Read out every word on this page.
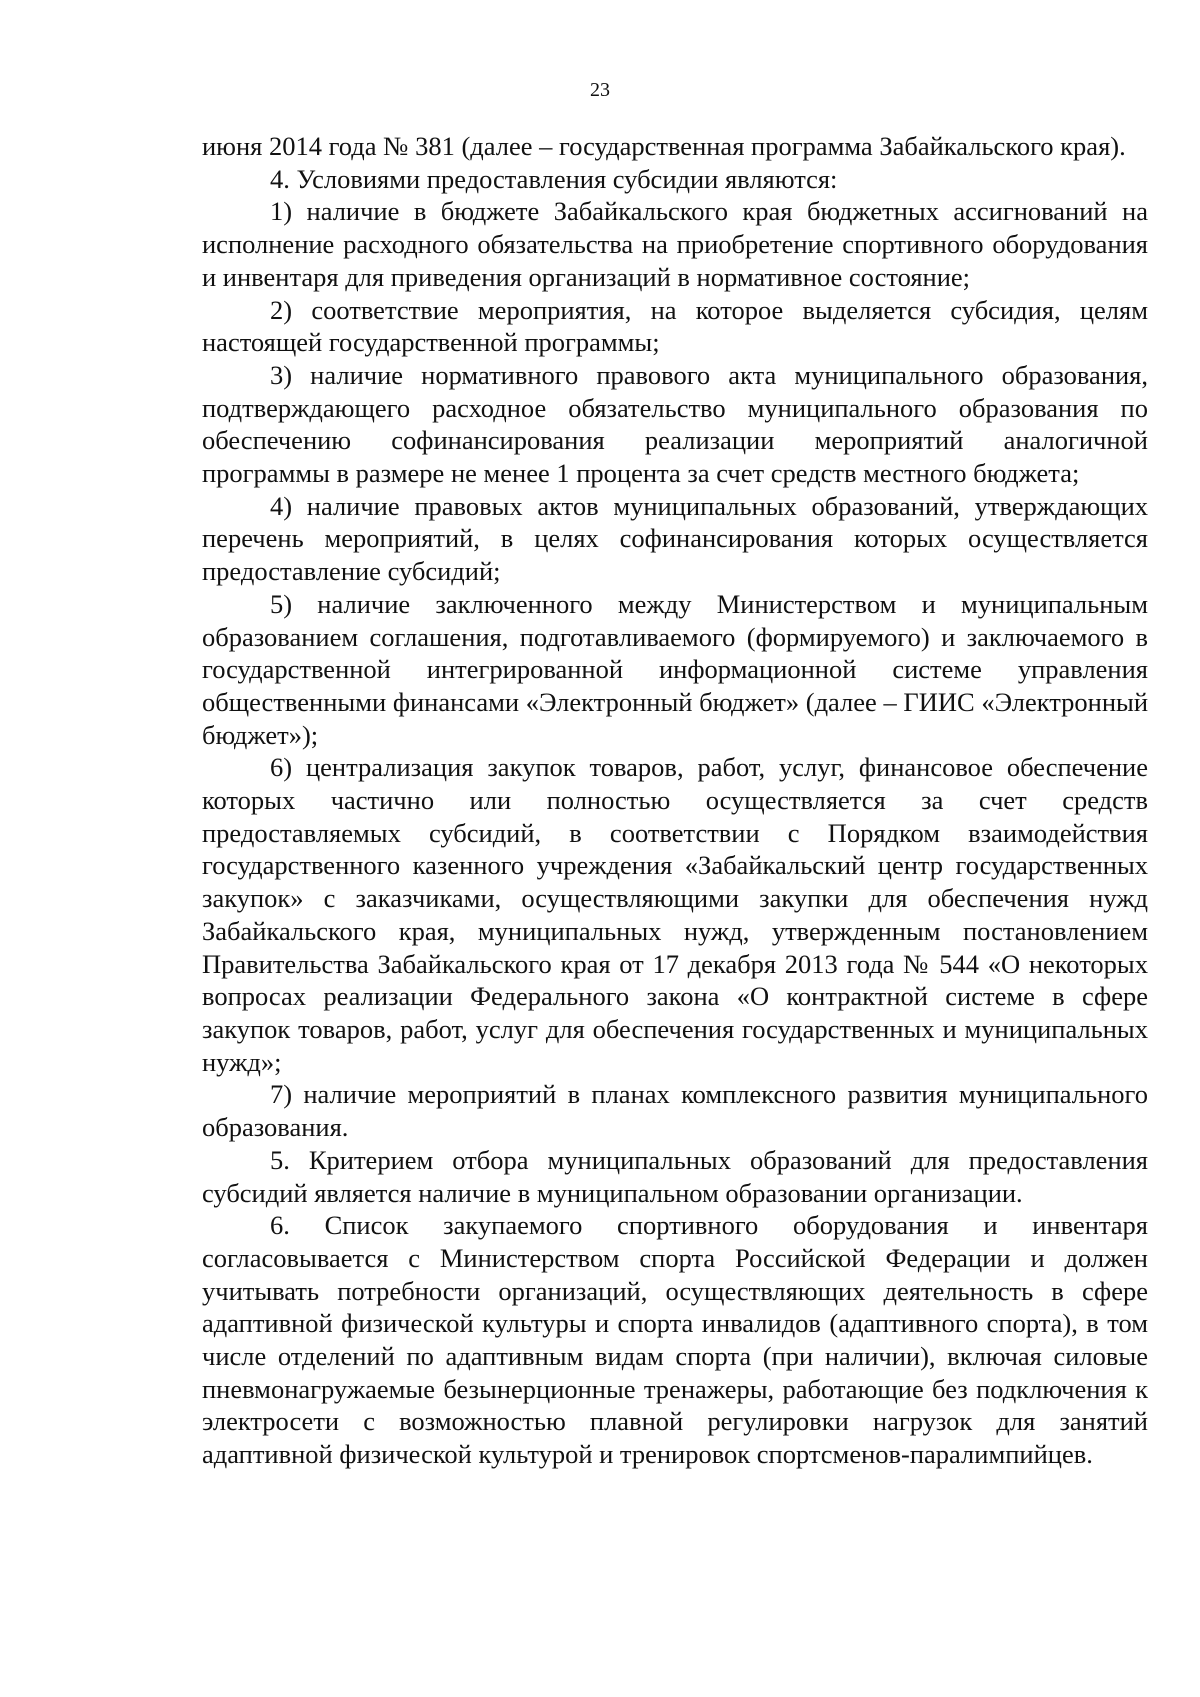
23

июня 2014 года № 381 (далее – государственная программа Забайкальского края).

4. Условиями предоставления субсидии являются:

1) наличие в бюджете Забайкальского края бюджетных ассигнований на исполнение расходного обязательства на приобретение спортивного оборудования и инвентаря для приведения организаций в нормативное состояние;

2) соответствие мероприятия, на которое выделяется субсидия, целям настоящей государственной программы;

3) наличие нормативного правового акта муниципального образования, подтверждающего расходное обязательство муниципального образования по обеспечению софинансирования реализации мероприятий аналогичной программы в размере не менее 1 процента за счет средств местного бюджета;

4) наличие правовых актов муниципальных образований, утверждающих перечень мероприятий, в целях софинансирования которых осуществляется предоставление субсидий;

5) наличие заключенного между Министерством и муниципальным образованием соглашения, подготавливаемого (формируемого) и заключаемого в государственной интегрированной информационной системе управления общественными финансами «Электронный бюджет» (далее – ГИИС «Электронный бюджет»);

6) централизация закупок товаров, работ, услуг, финансовое обеспечение которых частично или полностью осуществляется за счет средств предоставляемых субсидий, в соответствии с Порядком взаимодействия государственного казенного учреждения «Забайкальский центр государственных закупок» с заказчиками, осуществляющими закупки для обеспечения нужд Забайкальского края, муниципальных нужд, утвержденным постановлением Правительства Забайкальского края от 17 декабря 2013 года № 544 «О некоторых вопросах реализации Федерального закона «О контрактной системе в сфере закупок товаров, работ, услуг для обеспечения государственных и муниципальных нужд»;

7) наличие мероприятий в планах комплексного развития муниципального образования.

5. Критерием отбора муниципальных образований для предоставления субсидий является наличие в муниципальном образовании организации.

6. Список закупаемого спортивного оборудования и инвентаря согласовывается с Министерством спорта Российской Федерации и должен учитывать потребности организаций, осуществляющих деятельность в сфере адаптивной физической культуры и спорта инвалидов (адаптивного спорта), в том числе отделений по адаптивным видам спорта (при наличии), включая силовые пневмонагружаемые безынерционные тренажеры, работающие без подключения к электросети с возможностью плавной регулировки нагрузок для занятий адаптивной физической культурой и тренировок спортсменов-паралимпийцев.
